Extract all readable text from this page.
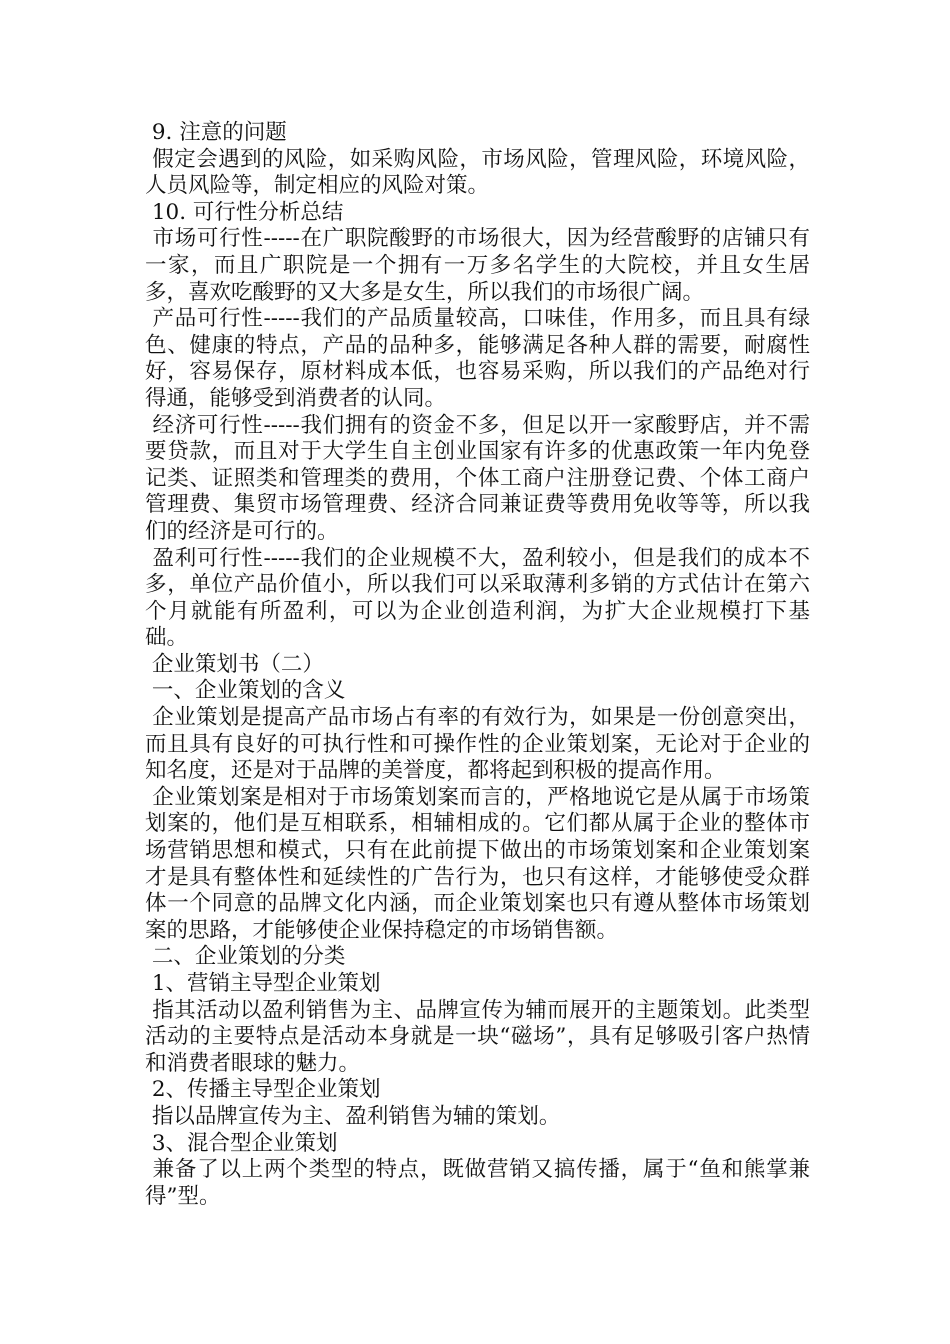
9. 注意的问题

假定会遇到的风险，如采购风险，市场风险，管理风险，环境风险，人员风险等，制定相应的风险对策。

10. 可行性分析总结

市场可行性-----在广职院酸野的市场很大，因为经营酸野的店铺只有一家，而且广职院是一个拥有一万多名学生的大院校，并且女生居多，喜欢吃酸野的又大多是女生，所以我们的市场很广阔。

产品可行性-----我们的产品质量较高，口味佳，作用多，而且具有绿色、健康的特点，产品的品种多，能够满足各种人群的需要，耐腐性好，容易保存，原材料成本低，也容易采购，所以我们的产品绝对行得通，能够受到消费者的认同。

经济可行性-----我们拥有的资金不多，但足以开一家酸野店，并不需要贷款，而且对于大学生自主创业国家有许多的优惠政策一年内免登记类、证照类和管理类的费用，个体工商户注册登记费、个体工商户管理费、集贸市场管理费、经济合同兼证费等费用免收等等，所以我们的经济是可行的。

盈利可行性-----我们的企业规模不大，盈利较小，但是我们的成本不多，单位产品价值小，所以我们可以采取薄利多销的方式估计在第六个月就能有所盈利，可以为企业创造利润，为扩大企业规模打下基础。

企业策划书（二）

一、企业策划的含义

企业策划是提高产品市场占有率的有效行为，如果是一份创意突出，而且具有良好的可执行性和可操作性的企业策划案，无论对于企业的知名度，还是对于品牌的美誉度，都将起到积极的提高作用。

企业策划案是相对于市场策划案而言的，严格地说它是从属于市场策划案的，他们是互相联系，相辅相成的。它们都从属于企业的整体市场营销思想和模式，只有在此前提下做出的市场策划案和企业策划案才是具有整体性和延续性的广告行为，也只有这样，才能够使受众群体一个同意的品牌文化内涵，而企业策划案也只有遵从整体市场策划案的思路，才能够使企业保持稳定的市场销售额。

二、企业策划的分类

1、营销主导型企业策划

指其活动以盈利销售为主、品牌宣传为辅而展开的主题策划。此类型活动的主要特点是活动本身就是一块“磁场”，具有足够吸引客户热情和消费者眼球的魅力。

2、传播主导型企业策划

指以品牌宣传为主、盈利销售为辅的策划。

3、混合型企业策划

兼备了以上两个类型的特点，既做营销又搞传播，属于“鱼和熊掌兼得”型。
